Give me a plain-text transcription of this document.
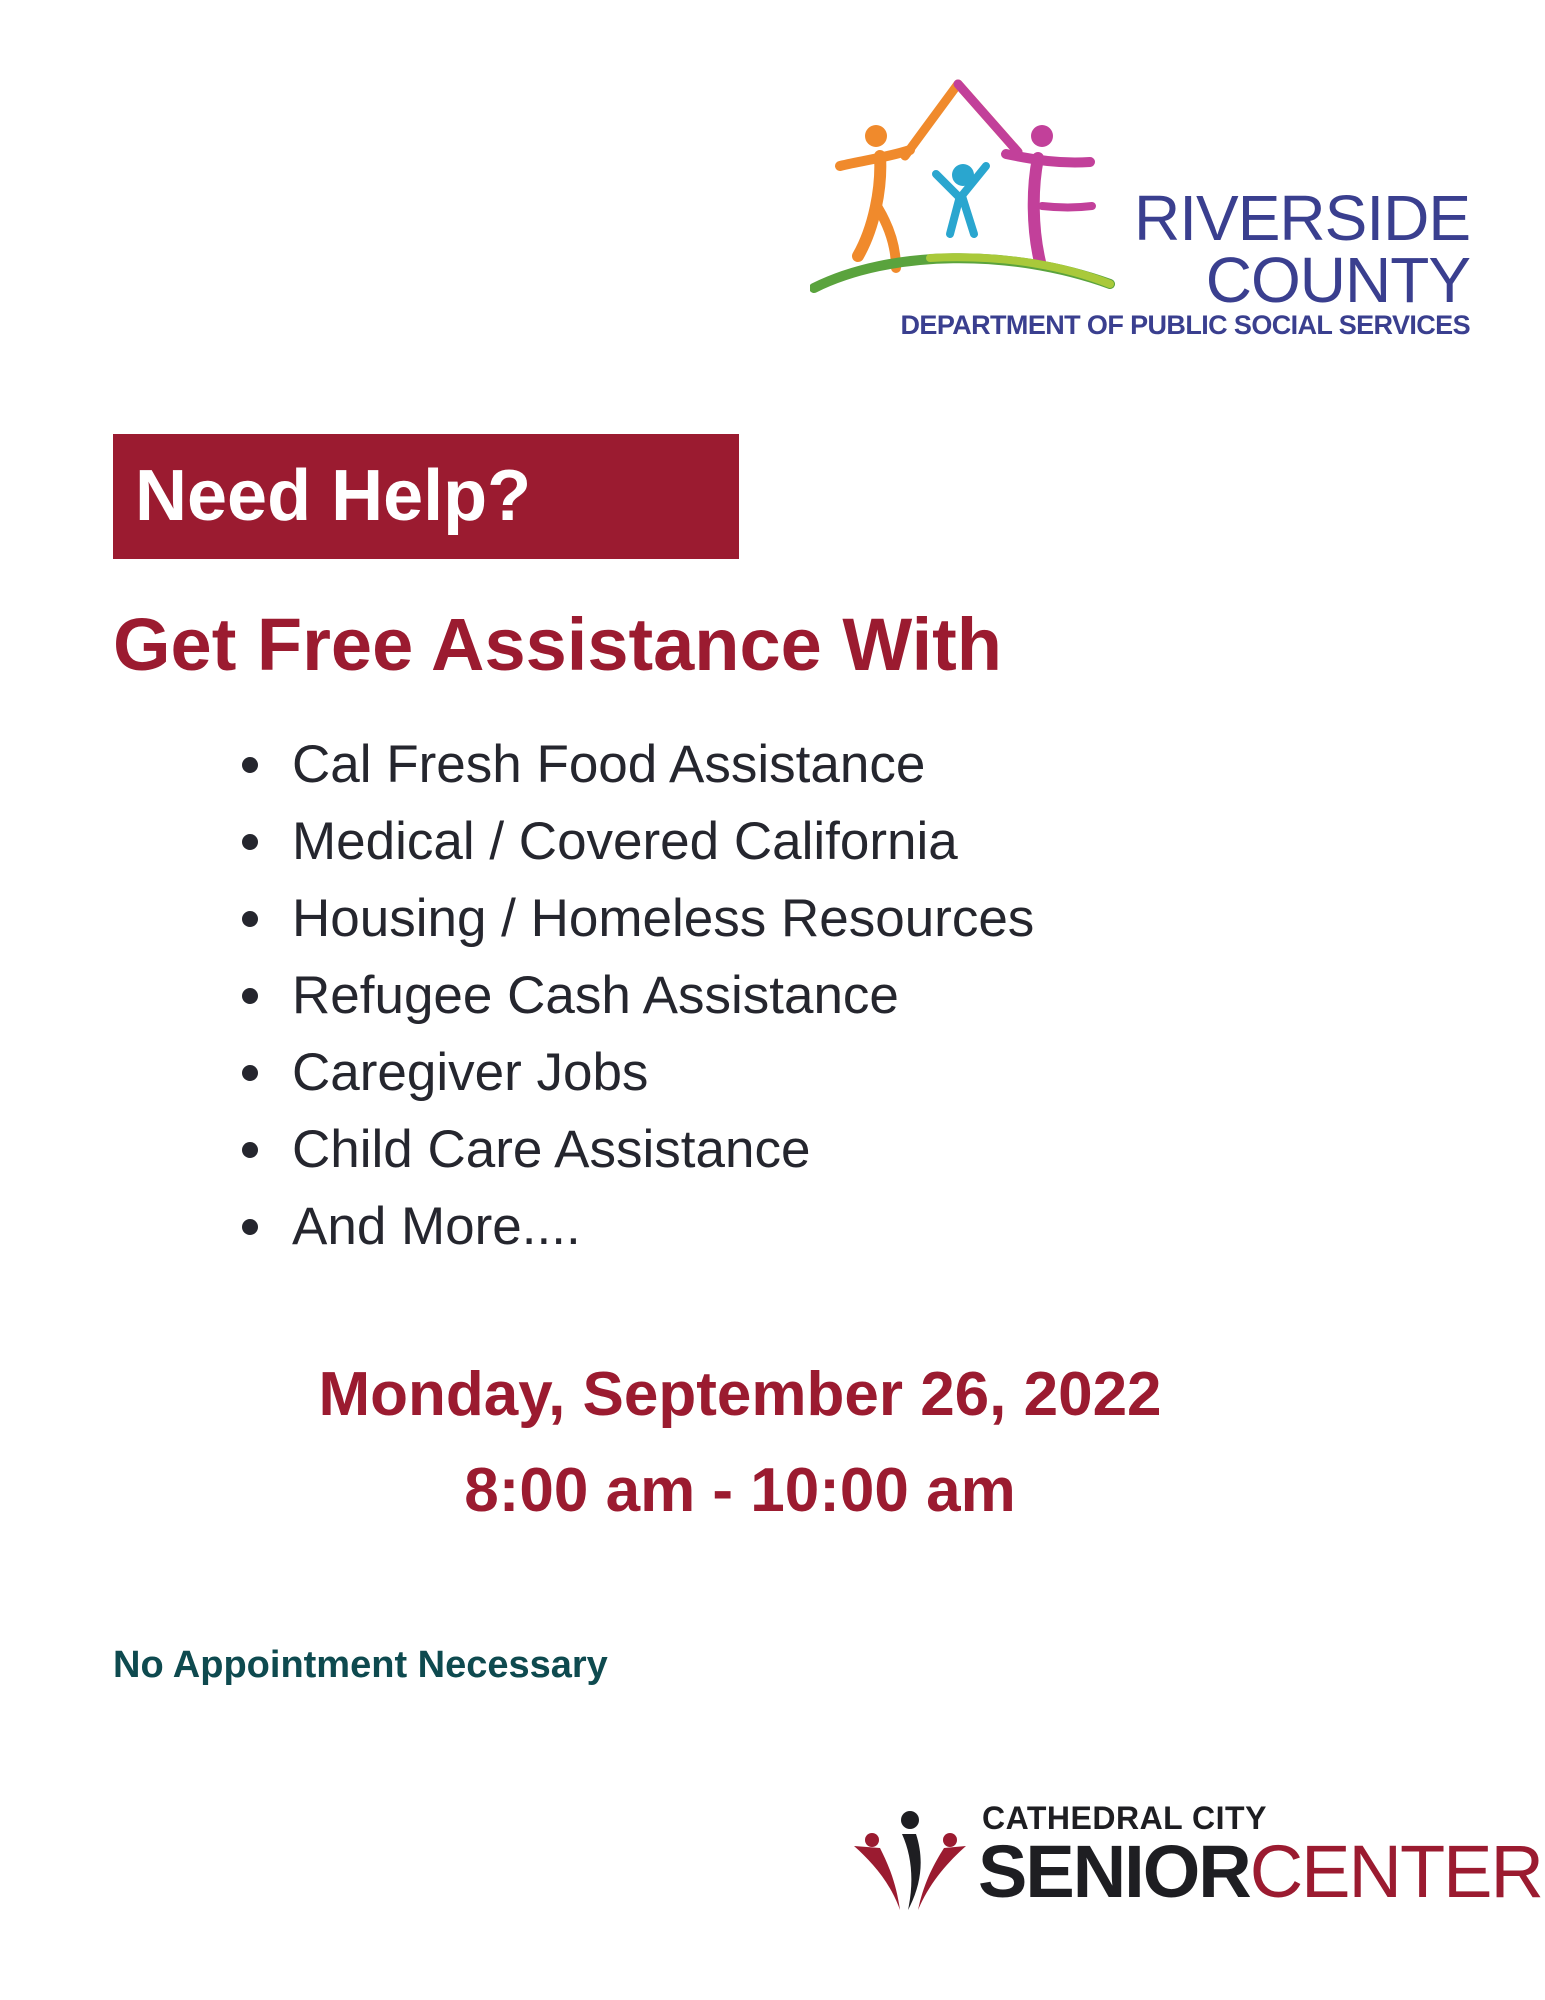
RIVERSIDE
COUNTY
DEPARTMENT OF PUBLIC SOCIAL SERVICES
Need Help?
Get Free Assistance With
Cal Fresh Food Assistance
Medical / Covered California
Housing / Homeless Resources
Refugee Cash Assistance
Caregiver Jobs
Child Care Assistance
And More....
Monday, September 26, 2022
8:00 am - 10:00 am
No Appointment Necessary
CATHEDRAL CITY
SENIORCENTER
